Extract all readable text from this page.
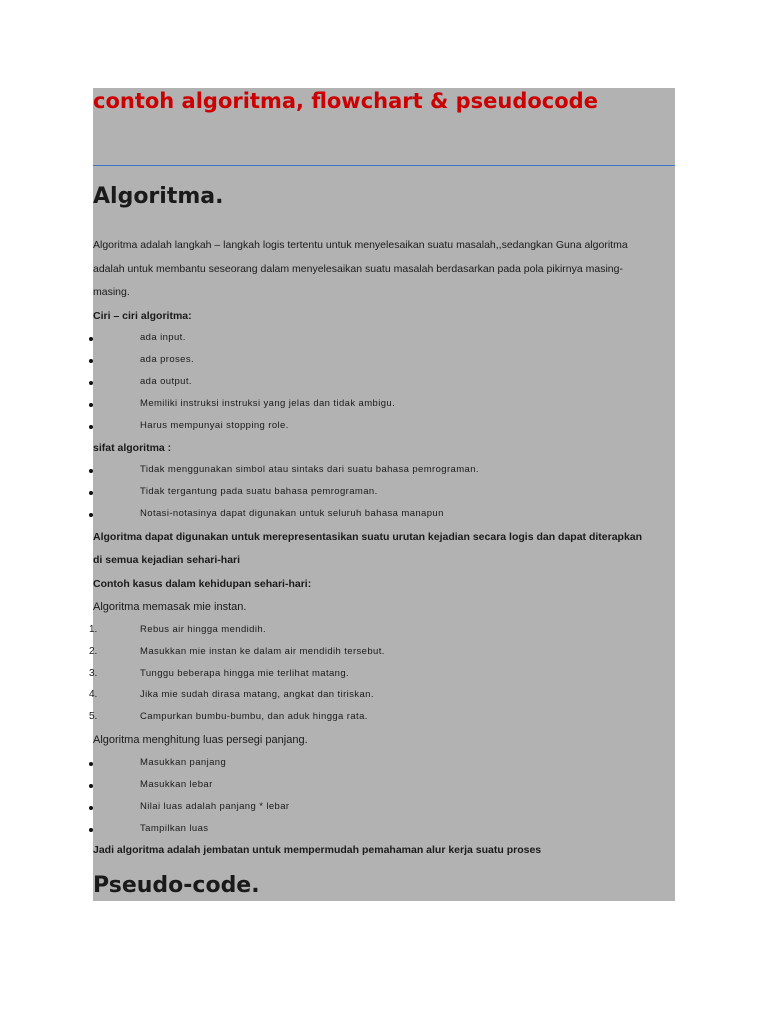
contoh algoritma, flowchart & pseudocode
Algoritma.
Algoritma adalah langkah – langkah logis tertentu untuk menyelesaikan suatu masalah,,sedangkan Guna algoritma
adalah untuk membantu seseorang dalam menyelesaikan suatu masalah berdasarkan pada pola pikirnya masing-
masing.
Ciri – ciri algoritma:
ada input.
ada proses.
ada output.
Memiliki instruksi instruksi yang jelas dan tidak ambigu.
Harus mempunyai stopping role.
sifat algoritma :
Tidak menggunakan simbol atau sintaks dari suatu bahasa pemrograman.
Tidak tergantung pada suatu bahasa pemrograman.
Notasi-notasinya dapat digunakan untuk seluruh bahasa manapun
Algoritma dapat digunakan untuk merepresentasikan suatu urutan kejadian secara logis dan dapat diterapkan
di semua kejadian sehari-hari
Contoh kasus dalam kehidupan sehari-hari:
Algoritma memasak mie instan.
1.	Rebus air hingga mendidih.
2.	Masukkan mie instan ke dalam air mendidih tersebut.
3.	Tunggu beberapa hingga mie terlihat matang.
4.	Jika mie sudah dirasa matang, angkat dan tiriskan.
5.	Campurkan bumbu-bumbu, dan aduk hingga rata.
Algoritma menghitung luas persegi panjang.
Masukkan panjang
Masukkan lebar
Nilai luas adalah panjang * lebar
Tampilkan luas
Jadi algoritma adalah jembatan untuk mempermudah pemahaman alur kerja suatu proses
Pseudo-code.
